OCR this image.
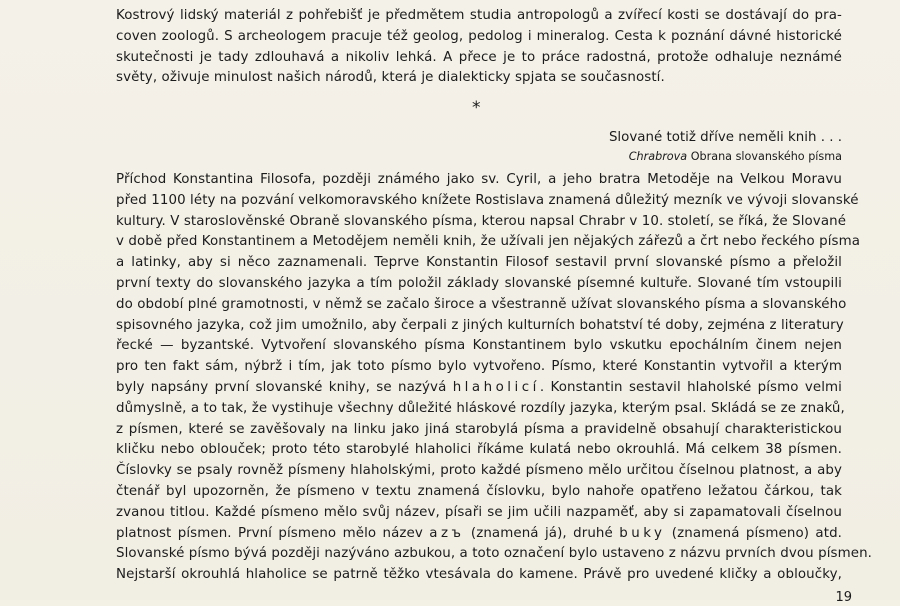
Kostrový lidský materiál z pohřebišť je předmětem studia antropologů a zvířecí kosti se dostávají do pra-
coven zoologů. S archeologem pracuje též geolog, pedolog i mineralog. Cesta k poznání dávné historické
skutečnosti je tady zdlouhavá a nikoliv lehká. A přece je to práce radostná, protože odhaluje neznámé
světy, oživuje minulost našich národů, která je dialekticky spjata se současností.
*
Slované totiž dříve neměli knih . . .
Chrabrova Obrana slovanského písma
Příchod Konstantina Filosofa, později známého jako sv. Cyril, a jeho bratra Metoděje na Velkou Moravu
před 1100 léty na pozvání velkomoravského knížete Rostislava znamená důležitý mezník ve vývoji slovanské
kultury. V staroslověnské Obraně slovanského písma, kterou napsal Chrabr v 10. století, se říká, že Slované
v době před Konstantinem a Metodějem neměli knih, že užívali jen nějakých zářezů a črt nebo řeckého písma
a latinky, aby si něco zaznamenali. Teprve Konstantin Filosof sestavil první slovanské písmo a přeložil
první texty do slovanského jazyka a tím položil základy slovanské písemné kultuře. Slované tím vstoupili
do období plné gramotnosti, v němž se začalo široce a všestranně užívat slovanského písma a slovanského
spisovného jazyka, což jim umožnilo, aby čerpali z jiných kulturních bohatství té doby, zejména z literatury
řecké — byzantské. Vytvoření slovanského písma Konstantinem bylo vskutku epochálním činem nejen
pro ten fakt sám, nýbrž i tím, jak toto písmo bylo vytvořeno. Písmo, které Konstantin vytvořil a kterým
byly napsány první slovanské knihy, se nazývá hlaholicí. Konstantin sestavil hlaholské písmo velmi
důmyslně, a to tak, že vystihuje všechny důležité hláskové rozdíly jazyka, kterým psal. Skládá se ze znaků,
z písmen, které se zavěšovaly na linku jako jiná starobylá písma a pravidelně obsahují charakteristickou
kličku nebo oblouček; proto této starobylé hlaholici říkáme kulatá nebo okrouhlá. Má celkem 38 písmen.
Číslovky se psaly rovněž písmeny hlaholskými, proto každé písmeno mělo určitou číselnou platnost, a aby
čtenář byl upozorněn, že písmeno v textu znamená číslovku, bylo nahoře opatřeno ležatou čárkou, tak
zvanou titlou. Každé písmeno mělo svůj název, písaři se jim učili nazpaměť, aby si zapamatovali číselnou
platnost písmen. První písmeno mělo název azъ (znamená já), druhé buky (znamená písmeno) atd.
Slovanské písmo bývá později nazýváno azbukou, a toto označení bylo ustaveno z názvu prvních dvou písmen.
Nejstarší okrouhlá hlaholice se patrně těžko vtesávala do kamene. Právě pro uvedené kličky a obloučky,
19
